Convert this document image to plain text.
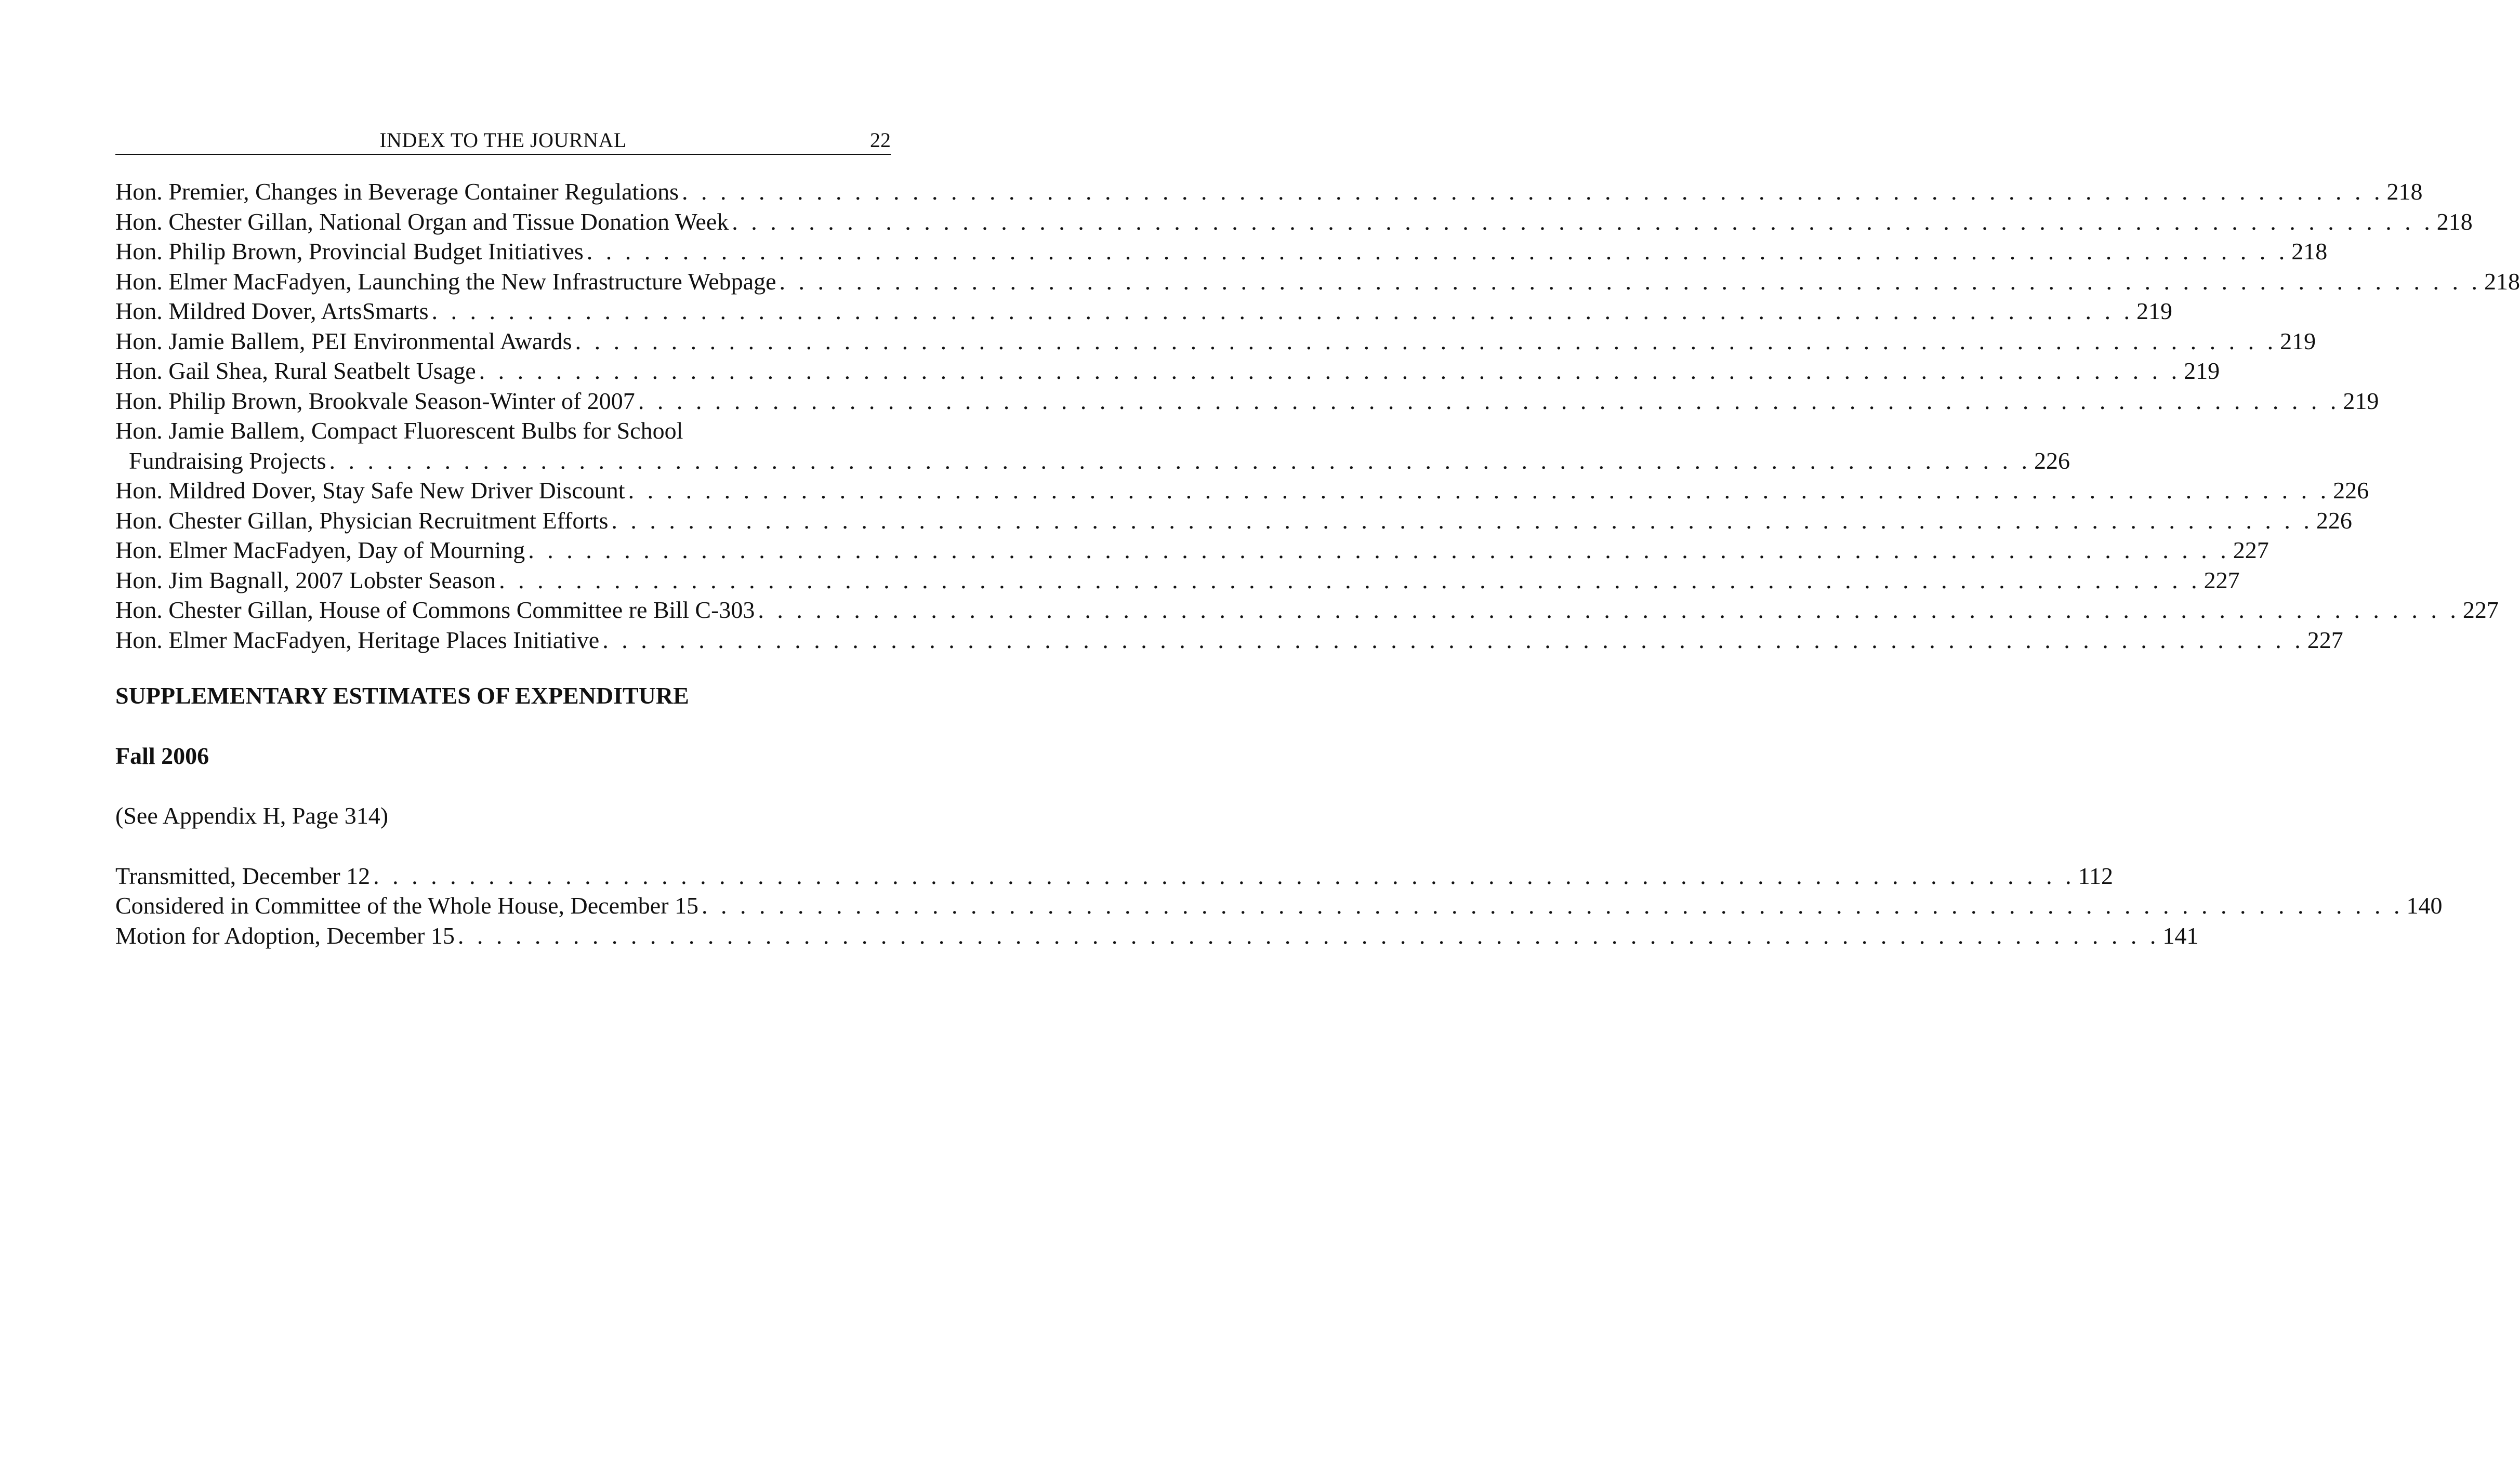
INDEX TO THE JOURNAL	22
Hon. Premier, Changes in Beverage Container Regulations . . . . . . . . . . . . . . . . . . . . . . . . . . . . . . . . . . . . . . . . . . . . . . . . . . . . . . . . . . . . . . . . . . . . . . . . . . . . . . . . . . . . . . . . . 218
Hon. Chester Gillan, National Organ and Tissue Donation Week . . . . . . . . . . . . . . . . . . . . . . . . . . . . . . . . . . . . . . . . . . . . . . . . . . . . . . . . . . . . . . . . . . . . . . . . . . . . . . . . . . . . . . . . . 218
Hon. Philip Brown, Provincial Budget Initiatives . . . . . . . . . . . . . . . . . . . . . . . . . . . . . . . . . . . . . . . . . . . . . . . . . . . . . . . . . . . . . . . . . . . . . . . . . . . . . . . . . . . . . . . . . 218
Hon. Elmer MacFadyen, Launching the New Infrastructure Webpage . . . . . . . . . . . . . . . . . . . . . . . . . . . . . . . . . . . . . . . . . . . . . . . . . . . . . . . . . . . . . . . . . . . . . . . . . . . . . . . . . . . . . . . . . 218
Hon. Mildred Dover, ArtsSmarts . . . . . . . . . . . . . . . . . . . . . . . . . . . . . . . . . . . . . . . . . . . . . . . . . . . . . . . . . . . . . . . . . . . . . . . . . . . . . . . . . . . . . . . . . 219
Hon. Jamie Ballem, PEI Environmental Awards . . . . . . . . . . . . . . . . . . . . . . . . . . . . . . . . . . . . . . . . . . . . . . . . . . . . . . . . . . . . . . . . . . . . . . . . . . . . . . . . . . . . . . . . . 219
Hon. Gail Shea, Rural Seatbelt Usage . . . . . . . . . . . . . . . . . . . . . . . . . . . . . . . . . . . . . . . . . . . . . . . . . . . . . . . . . . . . . . . . . . . . . . . . . . . . . . . . . . . . . . . . . 219
Hon. Philip Brown, Brookvale Season-Winter of 2007 . . . . . . . . . . . . . . . . . . . . . . . . . . . . . . . . . . . . . . . . . . . . . . . . . . . . . . . . . . . . . . . . . . . . . . . . . . . . . . . . . . . . . . . . . 219
Hon. Jamie Ballem, Compact Fluorescent Bulbs for School
Fundraising Projects . . . . . . . . . . . . . . . . . . . . . . . . . . . . . . . . . . . . . . . . . . . . . . . . . . . . . . . . . . . . . . . . . . . . . . . . . . . . . . . . . . . . . . . . . 226
Hon. Mildred Dover, Stay Safe New Driver Discount . . . . . . . . . . . . . . . . . . . . . . . . . . . . . . . . . . . . . . . . . . . . . . . . . . . . . . . . . . . . . . . . . . . . . . . . . . . . . . . . . . . . . . . . . 226
Hon. Chester Gillan, Physician Recruitment Efforts . . . . . . . . . . . . . . . . . . . . . . . . . . . . . . . . . . . . . . . . . . . . . . . . . . . . . . . . . . . . . . . . . . . . . . . . . . . . . . . . . . . . . . . . . 226
Hon. Elmer MacFadyen, Day of Mourning . . . . . . . . . . . . . . . . . . . . . . . . . . . . . . . . . . . . . . . . . . . . . . . . . . . . . . . . . . . . . . . . . . . . . . . . . . . . . . . . . . . . . . . . . 227
Hon. Jim Bagnall, 2007 Lobster Season . . . . . . . . . . . . . . . . . . . . . . . . . . . . . . . . . . . . . . . . . . . . . . . . . . . . . . . . . . . . . . . . . . . . . . . . . . . . . . . . . . . . . . . . . 227
Hon. Chester Gillan, House of Commons Committee re Bill C-303 . . . . . . . . . . . . . . . . . . . . . . . . . . . . . . . . . . . . . . . . . . . . . . . . . . . . . . . . . . . . . . . . . . . . . . . . . . . . . . . . . . . . . . . . . 227
Hon. Elmer MacFadyen, Heritage Places Initiative . . . . . . . . . . . . . . . . . . . . . . . . . . . . . . . . . . . . . . . . . . . . . . . . . . . . . . . . . . . . . . . . . . . . . . . . . . . . . . . . . . . . . . . . . 227
SUPPLEMENTARY ESTIMATES OF EXPENDITURE
Fall 2006
(See Appendix H, Page 314)
Transmitted, December 12 . . . . . . . . . . . . . . . . . . . . . . . . . . . . . . . . . . . . . . . . . . . . . . . . . . . . . . . . . . . . . . . . . . . . . . . . . . . . . . . . . . . . . . . . . 112
Considered in Committee of the Whole House, December 15 . . . . . . . . . . . . . . . . . . . . . . . . . . . . . . . . . . . . . . . . . . . . . . . . . . . . . . . . . . . . . . . . . . . . . . . . . . . . . . . . . . . . . . . . . 140
Motion for Adoption, December 15 . . . . . . . . . . . . . . . . . . . . . . . . . . . . . . . . . . . . . . . . . . . . . . . . . . . . . . . . . . . . . . . . . . . . . . . . . . . . . . . . . . . . . . . . . 141
